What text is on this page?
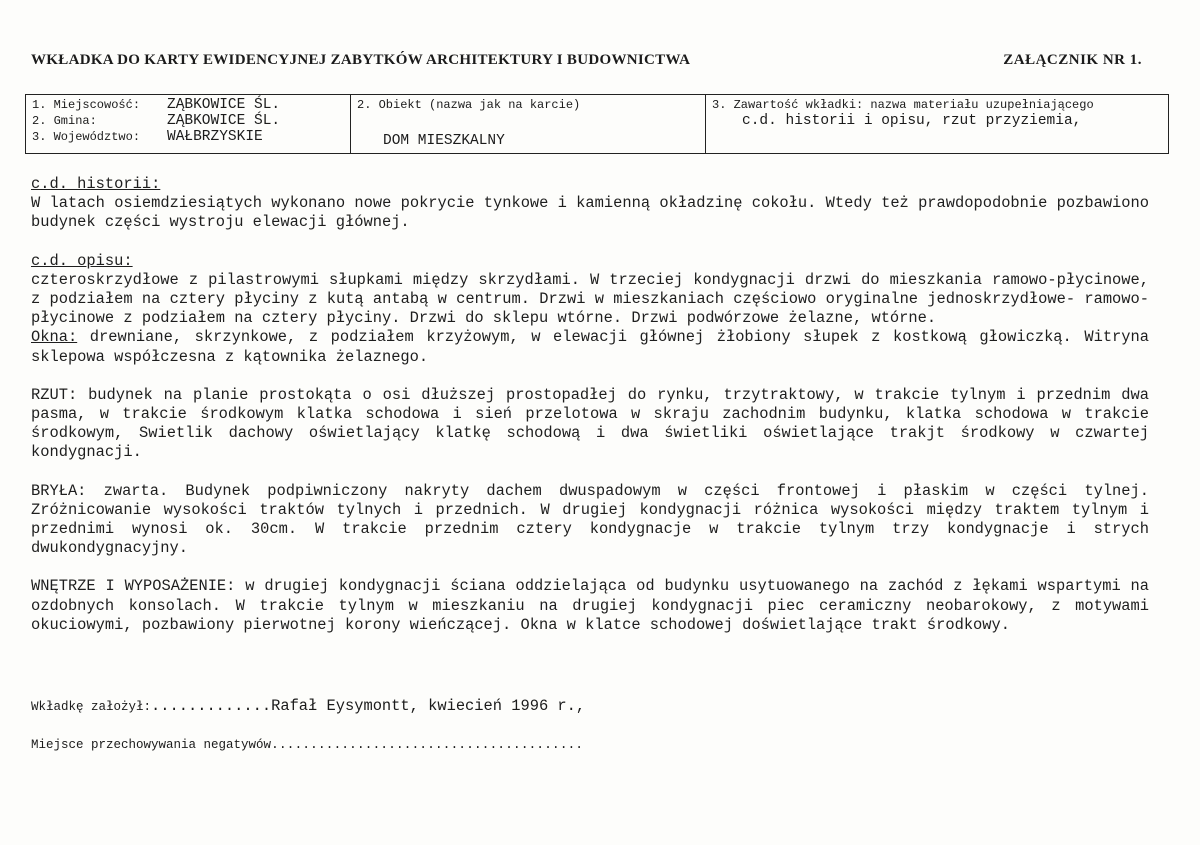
WKŁADKA DO KARTY EWIDENCYJNEJ ZABYTKÓW ARCHITEKTURY I BUDOWNICTWA	ZAŁĄCZNIK NR 1.
1. Miejscowość:	ZĄBKOWICE ŚL.
2. Gmina:	ZĄBKOWICE ŚL.
3. Województwo:	WAŁBRZYSKIE
2. Obiekt (nazwa jak na karcie)
DOM MIESZKALNY
3. Zawartość wkładki: nazwa materiału uzupełniającego
c.d. historii i opisu, rzut przyziemia,
c.d. historii:

W latach osiemdziesiątych wykonano nowe pokrycie tynkowe i kamienną okładzinę cokołu. Wtedy też prawdopodobnie pozbawiono budynek części wystroju elewacji głównej.

c.d. opisu:

czteroskrzydłowe z pilastrowymi słupkami między skrzydłami. W trzeciej kondygnacji drzwi do mieszkania ramowo-płycinowe, z podziałem na cztery płyciny z kutą antabą w centrum. Drzwi w mieszkaniach częściowo oryginalne jednoskrzydłowe- ramowo- płycinowe z podziałem na cztery płyciny. Drzwi do sklepu wtórne. Drzwi podwórzowe żelazne, wtórne.

Okna: drewniane, skrzynkowe, z podziałem krzyżowym, w elewacji głównej żłobiony słupek z kostkową głowiczką. Witryna sklepowa współczesna z kątownika żelaznego.

RZUT: budynek na planie prostokąta o osi dłuższej prostopadłej do rynku, trzytraktowy, w trakcie tylnym i przednim dwa pasma, w trakcie środkowym klatka schodowa i sień przelotowa w skraju zachodnim budynku, klatka schodowa w trakcie środkowym, Swietlik dachowy oświetlający klatkę schodową i dwa świetliki oświetlające trakjt środkowy w czwartej kondygnacji.

BRYŁA: zwarta. Budynek podpiwniczony nakryty dachem dwuspadowym w części frontowej i płaskim w części tylnej. Zróżnicowanie wysokości traktów tylnych i przednich. W drugiej kondygnacji różnica wysokości między traktem tylnym i przednimi wynosi ok. 30cm. W trakcie przednim cztery kondygnacje w trakcie tylnym trzy kondygnacje i strych dwukondygnacyjny.

WNĘTRZE I WYPOSAŻENIE: w drugiej kondygnacji ściana oddzielająca od budynku usytuowanego na zachód z łękami wspartymi na ozdobnych konsolach. W trakcie tylnym w mieszkaniu na drugiej kondygnacji piec ceramiczny neobarokowy, z motywami okuciowymi, pozbawiony pierwotnej korony wieńczącej. Okna w klatce schodowej doświetlające trakt środkowy.

Wkładkę założył:.............Rafał Eysymontt, kwiecień 1996 r.,
Miejsce przechowywania negatywów........................................
